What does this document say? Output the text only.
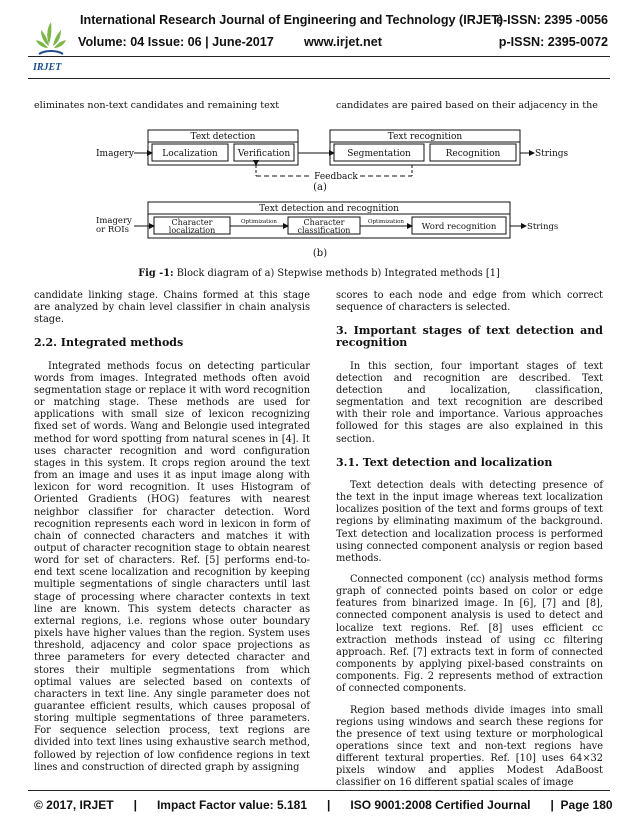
IRJET
International Research Journal of Engineering and Technology (IRJET)
e-ISSN: 2395 -0056
Volume: 04 Issue: 06 | June-2017 www.irjet.net	p-ISSN: 2395-0072
eliminates non-text candidates and remaining text	candidates are paired based on their adjacency in the
Text detection	Text recognition
Localization Verification	Segmentation	Recognition
Imagery	Strings
Feedback
(a)
Text detection and recognition
Character
localization
Character
classification	Word recognition
Optimization	Optimization
Imagery
or ROIs	Strings
(b)
Fig -1: Block diagram of a) Stepwise methods b) Integrated methods [1]

candidate linking stage. Chains formed at this stage are analyzed by chain level classifier in chain analysis stage.

2.2. Integrated methods

Integrated methods focus on detecting particular words from images. Integrated methods often avoid segmentation stage or replace it with word recognition or matching stage. These methods are used for applications with small size of lexicon recognizing fixed set of words. Wang and Belongie used integrated method for word spotting from natural scenes in [4]. It uses character recognition and word configuration stages in this system. It crops region around the text from an image and uses it as input image along with lexicon for word recognition. It uses Histogram of Oriented Gradients (HOG) features with nearest neighbor classifier for character detection. Word recognition represents each word in lexicon in form of chain of connected characters and matches it with output of character recognition stage to obtain nearest word for set of characters. Ref. [5] performs end-to-end text scene localization and recognition by keeping multiple segmentations of single characters until last stage of processing where character contexts in text line are known. This system detects character as external regions, i.e. regions whose outer boundary pixels have higher values than the region. System uses threshold, adjacency and color space projections as three parameters for every detected character and stores their multiple segmentations from which optimal values are selected based on contexts of characters in text line. Any single parameter does not guarantee efficient results, which causes proposal of storing multiple segmentations of three parameters. For sequence selection process, text regions are divided into text lines using exhaustive search method, followed by rejection of low confidence regions in text lines and construction of directed graph by assigning

scores to each node and edge from which correct sequence of characters is selected.

3. Important stages of text detection and recognition

In this section, four important stages of text detection and recognition are described. Text detection and localization, classification, segmentation and text recognition are described with their role and importance. Various approaches followed for this stages are also explained in this section.

3.1. Text detection and localization

Text detection deals with detecting presence of the text in the input image whereas text localization localizes position of the text and forms groups of text regions by eliminating maximum of the background. Text detection and localization process is performed using connected component analysis or region based methods.

Connected component (cc) analysis method forms graph of connected points based on color or edge features from binarized image. In [6], [7] and [8], connected component analysis is used to detect and localize text regions. Ref. [8] uses efficient cc extraction methods instead of using cc filtering approach. Ref. [7] extracts text in form of connected components by applying pixel-based constraints on components. Fig. 2 represents method of extraction of connected components.

Region based methods divide images into small regions using windows and search these regions for the presence of text using texture or morphological operations since text and non-text regions have different textural properties. Ref. [10] uses 64×32 pixels window and applies Modest AdaBoost classifier on 16 different spatial scales of image

© 2017, IRJET | Impact Factor value: 5.181 | ISO 9001:2008 Certified Journal | Page 180
